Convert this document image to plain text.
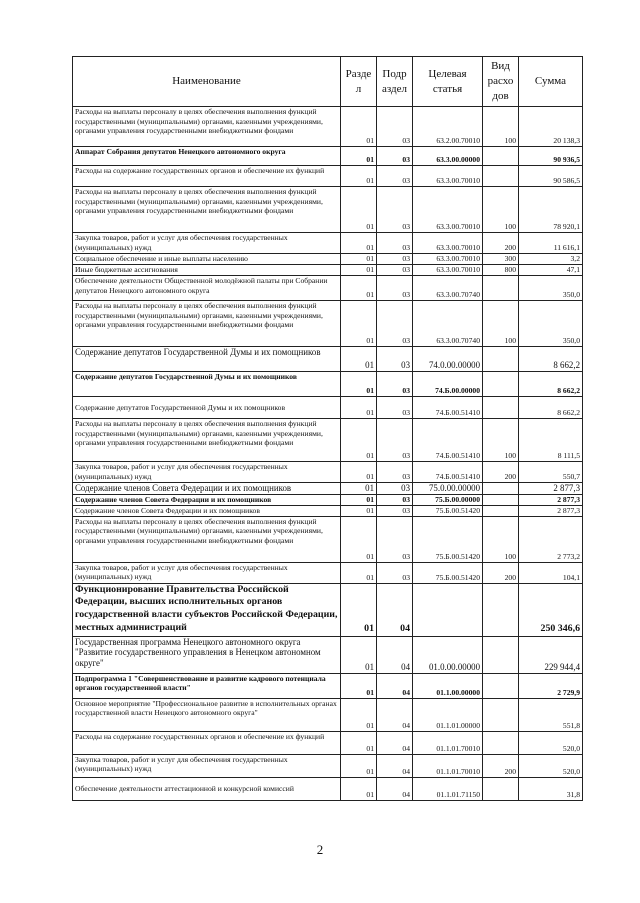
Наименование	Разде л	Подр аздел	Целевая статья	Вид расхо дов	Сумма
Расходы на выплаты персоналу в целях обеспечения выполнения функций государственными (муниципальными) органами, казенными учреждениями, органами управления государственными внебюджетными фондами	01	03	63.2.00.70010	100	20 138,3
Аппарат Собрания депутатов Ненецкого автономного округа	01	03	63.3.00.00000		90 936,5
Расходы на содержание государственных органов и обеспечение их функций	01	03	63.3.00.70010		90 586,5
Расходы на выплаты персоналу в целях обеспечения выполнения функций государственными (муниципальными) органами, казенными учреждениями, органами управления государственными внебюджетными фондами	01	03	63.3.00.70010	100	78 920,1
Закупка товаров, работ и услуг для обеспечения государственных (муниципальных) нужд	01	03	63.3.00.70010	200	11 616,1
Социальное обеспечение и иные выплаты населению	01	03	63.3.00.70010	300	3,2
Иные бюджетные ассигнования	01	03	63.3.00.70010	800	47,1
Обеспечение деятельности Общественной молодёжной палаты при Собрании депутатов Ненецкого автономного округа	01	03	63.3.00.70740		350,0
Расходы на выплаты персоналу в целях обеспечения выполнения функций государственными (муниципальными) органами, казенными учреждениями, органами управления государственными внебюджетными фондами	01	03	63.3.00.70740	100	350,0
Содержание депутатов Государственной Думы и их помощников	01	03	74.0.00.00000		8 662,2
Содержание депутатов Государственной Думы и их помощников	01	03	74.Б.00.00000		8 662,2
Содержание депутатов Государственной Думы и их помощников	01	03	74.Б.00.51410		8 662,2
Расходы на выплаты персоналу в целях обеспечения выполнения функций государственными (муниципальными) органами, казенными учреждениями, органами управления государственными внебюджетными фондами	01	03	74.Б.00.51410	100	8 111,5
Закупка товаров, работ и услуг для обеспечения государственных (муниципальных) нужд	01	03	74.Б.00.51410	200	550,7
Содержание членов Совета Федерации и их помощников	01	03	75.0.00.00000		2 877,3
Содержание членов Совета Федерации и их помощников	01	03	75.Б.00.00000		2 877,3
Содержание членов Совета Федерации и их помощников	01	03	75.Б.00.51420		2 877,3
Расходы на выплаты персоналу в целях обеспечения выполнения функций государственными (муниципальными) органами, казенными учреждениями, органами управления государственными внебюджетными фондами	01	03	75.Б.00.51420	100	2 773,2
Закупка товаров, работ и услуг для обеспечения государственных (муниципальных) нужд	01	03	75.Б.00.51420	200	104,1
Функционирование Правительства Российской Федерации, высших исполнительных органов государственной власти субъектов Российской Федерации, местных администраций	01	04			250 346,6
Государственная программа Ненецкого автономного округа "Развитие государственного управления в Ненецком автономном округе"	01	04	01.0.00.00000		229 944,4
Подпрограмма 1 "Совершенствование и развитие кадрового потенциала органов государственной власти"	01	04	01.1.00.00000		2 729,9
Основное мероприятие "Профессиональное развитие в исполнительных органах государственной власти Ненецкого автономного округа"	01	04	01.1.01.00000		551,8
Расходы на содержание государственных органов и обеспечение их функций	01	04	01.1.01.70010		520,0
Закупка товаров, работ и услуг для обеспечения государственных (муниципальных) нужд	01	04	01.1.01.70010	200	520,0
Обеспечение деятельности аттестационной и конкурсной комиссий	01	04	01.1.01.71150		31,8
2
